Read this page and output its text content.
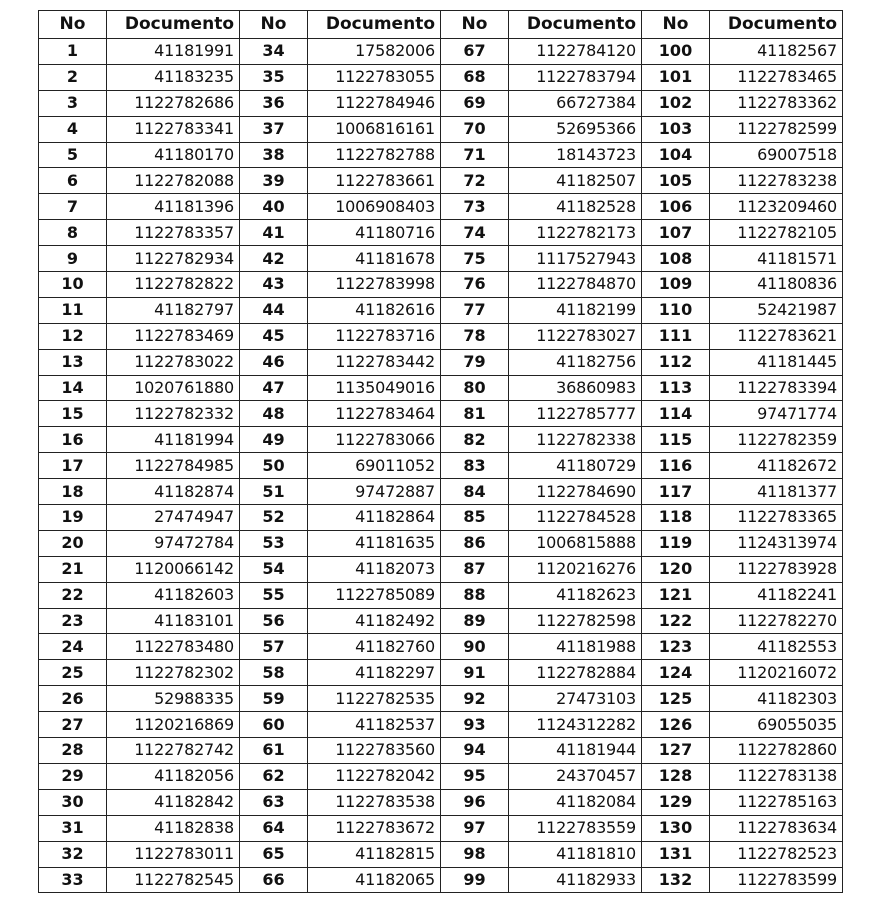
No	Documento	No	Documento	No	Documento	No	Documento
1	41181991	34	17582006	67	1122784120	100	41182567
2	41183235	35	1122783055	68	1122783794	101	1122783465
3	1122782686	36	1122784946	69	66727384	102	1122783362
4	1122783341	37	1006816161	70	52695366	103	1122782599
5	41180170	38	1122782788	71	18143723	104	69007518
6	1122782088	39	1122783661	72	41182507	105	1122783238
7	41181396	40	1006908403	73	41182528	106	1123209460
8	1122783357	41	41180716	74	1122782173	107	1122782105
9	1122782934	42	41181678	75	1117527943	108	41181571
10	1122782822	43	1122783998	76	1122784870	109	41180836
11	41182797	44	41182616	77	41182199	110	52421987
12	1122783469	45	1122783716	78	1122783027	111	1122783621
13	1122783022	46	1122783442	79	41182756	112	41181445
14	1020761880	47	1135049016	80	36860983	113	1122783394
15	1122782332	48	1122783464	81	1122785777	114	97471774
16	41181994	49	1122783066	82	1122782338	115	1122782359
17	1122784985	50	69011052	83	41180729	116	41182672
18	41182874	51	97472887	84	1122784690	117	41181377
19	27474947	52	41182864	85	1122784528	118	1122783365
20	97472784	53	41181635	86	1006815888	119	1124313974
21	1120066142	54	41182073	87	1120216276	120	1122783928
22	41182603	55	1122785089	88	41182623	121	41182241
23	41183101	56	41182492	89	1122782598	122	1122782270
24	1122783480	57	41182760	90	41181988	123	41182553
25	1122782302	58	41182297	91	1122782884	124	1120216072
26	52988335	59	1122782535	92	27473103	125	41182303
27	1120216869	60	41182537	93	1124312282	126	69055035
28	1122782742	61	1122783560	94	41181944	127	1122782860
29	41182056	62	1122782042	95	24370457	128	1122783138
30	41182842	63	1122783538	96	41182084	129	1122785163
31	41182838	64	1122783672	97	1122783559	130	1122783634
32	1122783011	65	41182815	98	41181810	131	1122782523
33	1122782545	66	41182065	99	41182933	132	1122783599
